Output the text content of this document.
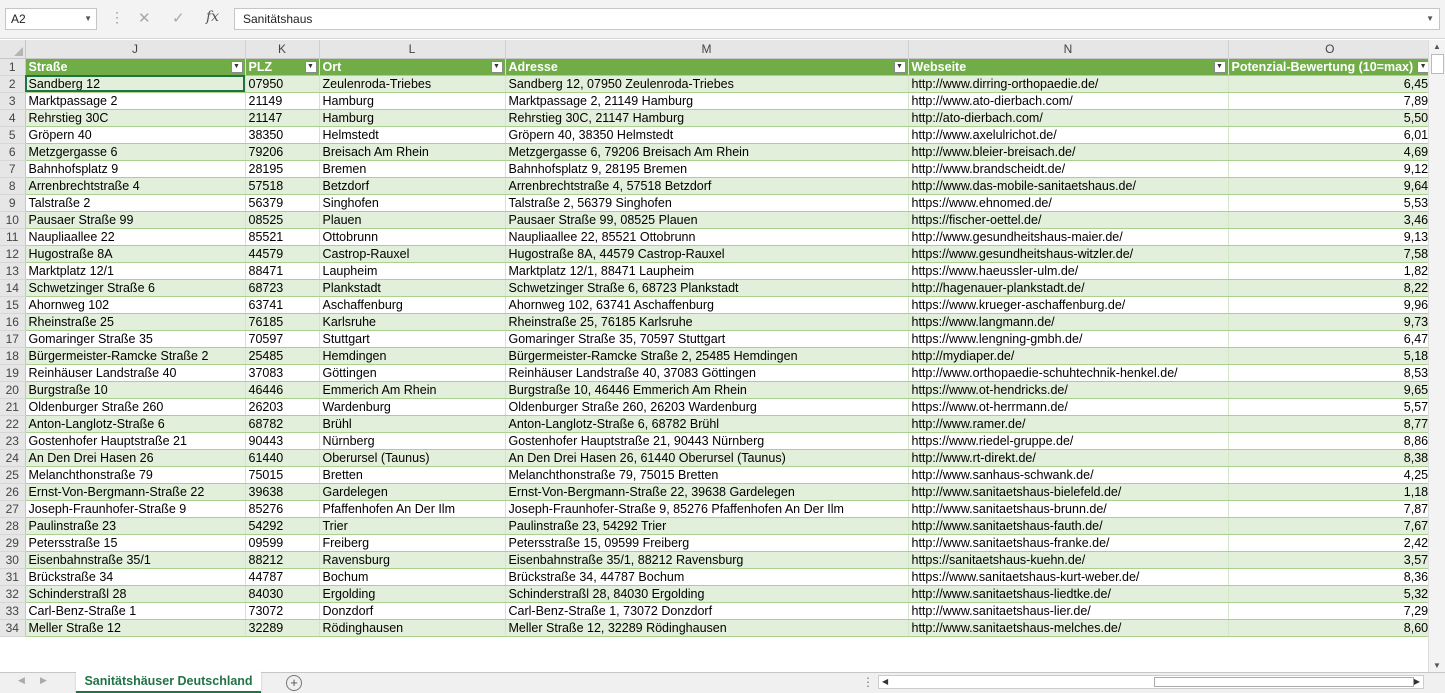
A2	▼ ⋮ ✕ ✓ fx	Sanitätshaus	▼
	J	K	L	M	N	O
1	Straße ▼	PLZ ▼	Ort ▼	Adresse ▼	Webseite ▼	Potenzial-Bewertung (10=max) ▼

2	Sandberg 12	07950	Zeulenroda-Triebes	Sandberg 12, 07950 Zeulenroda-Triebes	http://www.dirring-orthopaedie.de/	6,45
3	Marktpassage 2	21149	Hamburg	Marktpassage 2, 21149 Hamburg	http://www.ato-dierbach.com/	7,89
4	Rehrstieg 30C	21147	Hamburg	Rehrstieg 30C, 21147 Hamburg	http://ato-dierbach.com/	5,50
5	Gröpern 40	38350	Helmstedt	Gröpern 40, 38350 Helmstedt	http://www.axelulrichot.de/	6,01
6	Metzgergasse 6	79206	Breisach Am Rhein	Metzgergasse 6, 79206 Breisach Am Rhein	http://www.bleier-breisach.de/	4,69
7	Bahnhofsplatz 9	28195	Bremen	Bahnhofsplatz 9, 28195 Bremen	http://www.brandscheidt.de/	9,12
8	Arrenbrechtstraße 4	57518	Betzdorf	Arrenbrechtstraße 4, 57518 Betzdorf	http://www.das-mobile-sanitaetshaus.de/	9,64
9	Talstraße 2	56379	Singhofen	Talstraße 2, 56379 Singhofen	https://www.ehnomed.de/	5,53
10	Pausaer Straße 99	08525	Plauen	Pausaer Straße 99, 08525 Plauen	https://fischer-oettel.de/	3,46
11	Naupliaallee 22	85521	Ottobrunn	Naupliaallee 22, 85521 Ottobrunn	http://www.gesundheitshaus-maier.de/	9,13
12	Hugostraße 8A	44579	Castrop-Rauxel	Hugostraße 8A, 44579 Castrop-Rauxel	https://www.gesundheitshaus-witzler.de/	7,58
13	Marktplatz 12/1	88471	Laupheim	Marktplatz 12/1, 88471 Laupheim	https://www.haeussler-ulm.de/	1,82
14	Schwetzinger Straße 6	68723	Plankstadt	Schwetzinger Straße 6, 68723 Plankstadt	http://hagenauer-plankstadt.de/	8,22
15	Ahornweg 102	63741	Aschaffenburg	Ahornweg 102, 63741 Aschaffenburg	https://www.krueger-aschaffenburg.de/	9,96
16	Rheinstraße 25	76185	Karlsruhe	Rheinstraße 25, 76185 Karlsruhe	https://www.langmann.de/	9,73
17	Gomaringer Straße 35	70597	Stuttgart	Gomaringer Straße 35, 70597 Stuttgart	https://www.lengning-gmbh.de/	6,47
18	Bürgermeister-Ramcke Straße 2	25485	Hemdingen	Bürgermeister-Ramcke Straße 2, 25485 Hemdingen	http://mydiaper.de/	5,18
19	Reinhäuser Landstraße 40	37083	Göttingen	Reinhäuser Landstraße 40, 37083 Göttingen	http://www.orthopaedie-schuhtechnik-henkel.de/	8,53
20	Burgstraße 10	46446	Emmerich Am Rhein	Burgstraße 10, 46446 Emmerich Am Rhein	https://www.ot-hendricks.de/	9,65
21	Oldenburger Straße 260	26203	Wardenburg	Oldenburger Straße 260, 26203 Wardenburg	https://www.ot-herrmann.de/	5,57
22	Anton-Langlotz-Straße 6	68782	Brühl	Anton-Langlotz-Straße 6, 68782 Brühl	http://www.ramer.de/	8,77
23	Gostenhofer Hauptstraße 21	90443	Nürnberg	Gostenhofer Hauptstraße 21, 90443 Nürnberg	https://www.riedel-gruppe.de/	8,86
24	An Den Drei Hasen 26	61440	Oberursel (Taunus)	An Den Drei Hasen 26, 61440 Oberursel (Taunus)	http://www.rt-direkt.de/	8,38
25	Melanchthonstraße 79	75015	Bretten	Melanchthonstraße 79, 75015 Bretten	http://www.sanhaus-schwank.de/	4,25
26	Ernst-Von-Bergmann-Straße 22	39638	Gardelegen	Ernst-Von-Bergmann-Straße 22, 39638 Gardelegen	http://www.sanitaetshaus-bielefeld.de/	1,18
27	Joseph-Fraunhofer-Straße 9	85276	Pfaffenhofen An Der Ilm	Joseph-Fraunhofer-Straße 9, 85276 Pfaffenhofen An Der Ilm	http://www.sanitaetshaus-brunn.de/	7,87
28	Paulinstraße 23	54292	Trier	Paulinstraße 23, 54292 Trier	http://www.sanitaetshaus-fauth.de/	7,67
29	Petersstraße 15	09599	Freiberg	Petersstraße 15, 09599 Freiberg	http://www.sanitaetshaus-franke.de/	2,42
30	Eisenbahnstraße 35/1	88212	Ravensburg	Eisenbahnstraße 35/1, 88212 Ravensburg	https://sanitaetshaus-kuehn.de/	3,57
31	Brückstraße 34	44787	Bochum	Brückstraße 34, 44787 Bochum	https://www.sanitaetshaus-kurt-weber.de/	8,36
32	Schinderstraßl 28	84030	Ergolding	Schinderstraßl 28, 84030 Ergolding	http://www.sanitaetshaus-liedtke.de/	5,32
33	Carl-Benz-Straße 1	73072	Donzdorf	Carl-Benz-Straße 1, 73072 Donzdorf	http://www.sanitaetshaus-lier.de/	7,29
34	Meller Straße 12	32289	Rödinghausen	Meller Straße 12, 32289 Rödinghausen	http://www.sanitaetshaus-melches.de/	8,60
▲
▼
◀ ▶	Sanitätshäuser Deutschland	+	⋮ ◀	▶
